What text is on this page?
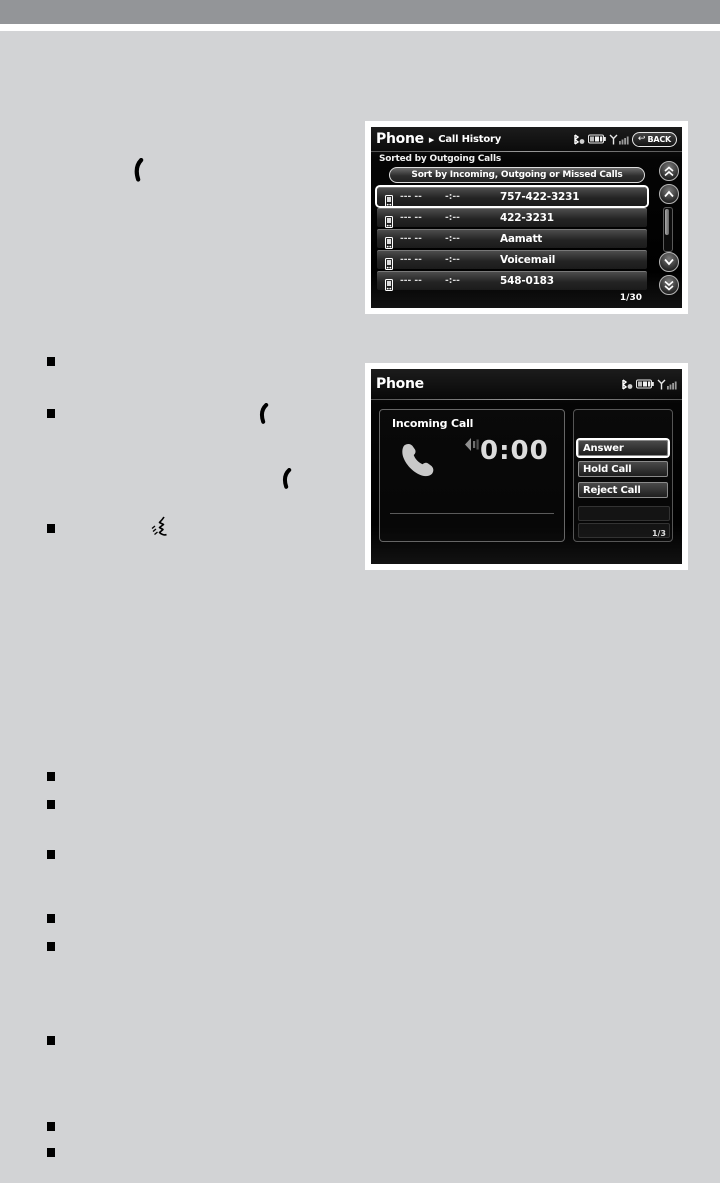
Phone ▶ Call History	↩ BACK
Sorted by Outgoing Calls
Sort by Incoming, Outgoing or Missed Calls
--- --	-:--	757-422-3231
--- --	-:--	422-3231
--- --	-:--	Aamatt
--- --	-:--	Voicemail
--- --	-:--	548-0183
1/30
Phone
Incoming Call
0:00	Answer
Hold Call
Reject Call
1/3
